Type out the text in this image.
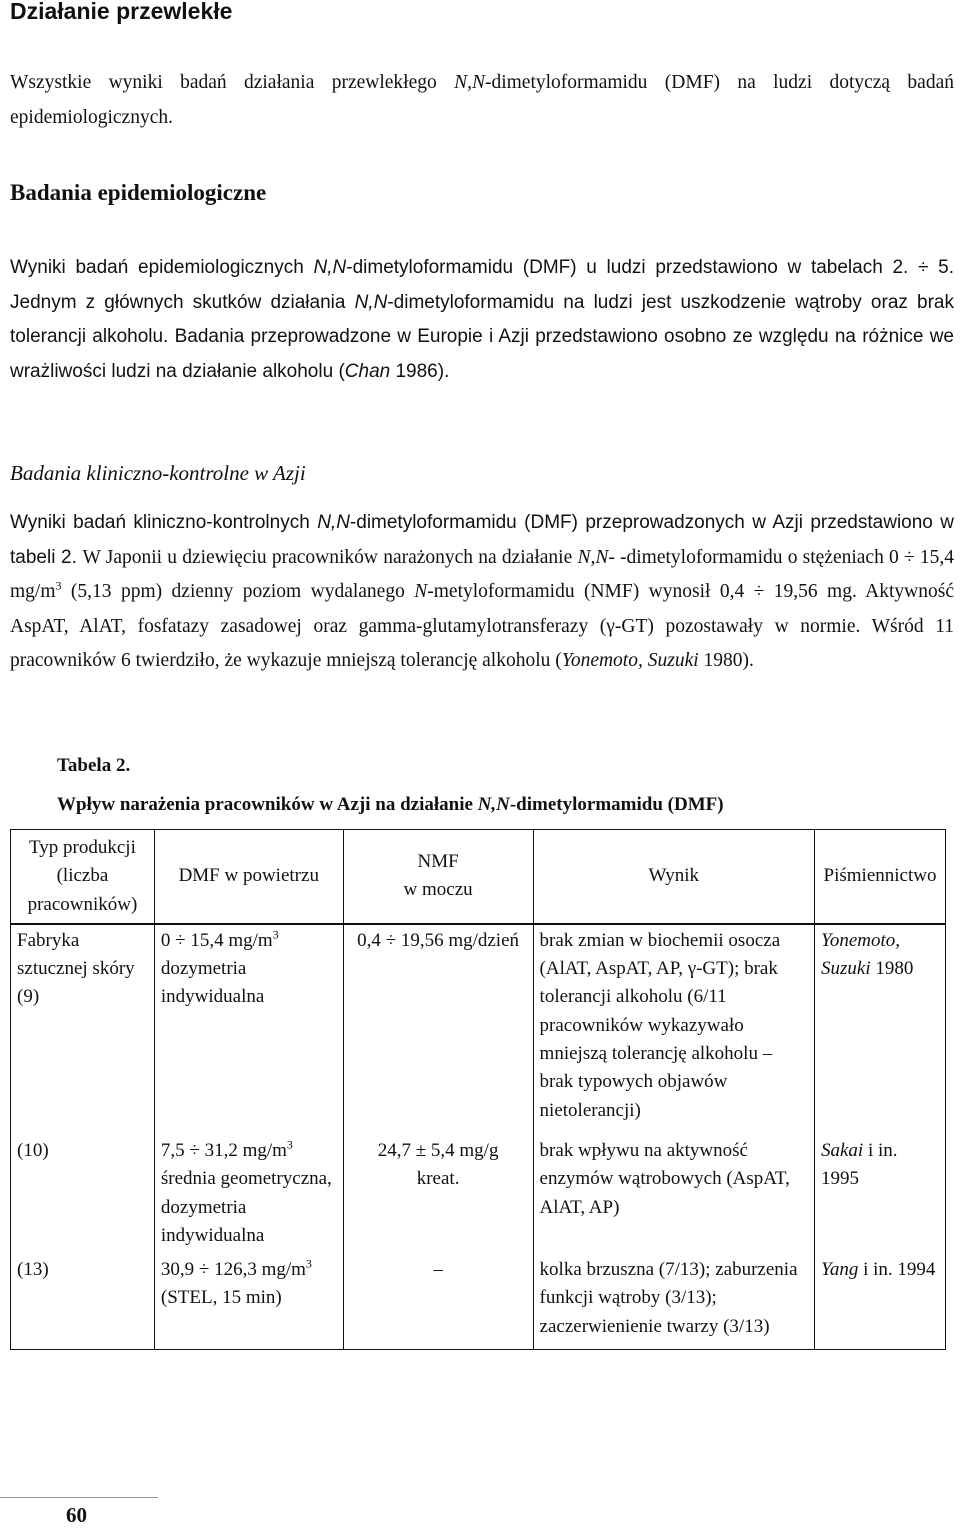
Działanie przewlekłe

Wszystkie wyniki badań działania przewlekłego N,N-dimetyloformamidu (DMF) na ludzi dotyczą badań epidemiologicznych.

Badania epidemiologiczne

Wyniki badań epidemiologicznych N,N-dimetyloformamidu (DMF) u ludzi przedstawiono w tabelach 2. ÷ 5. Jednym z głównych skutków działania N,N-dimetyloformamidu na ludzi jest uszkodzenie wątroby oraz brak tolerancji alkoholu. Badania przeprowadzone w Europie i Azji przedstawiono osobno ze względu na różnice we wrażliwości ludzi na działanie alkoholu (Chan 1986).

Badania kliniczno-kontrolne w Azji

Wyniki badań kliniczno-kontrolnych N,N-dimetyloformamidu (DMF) przeprowadzonych w Azji przedstawiono w tabeli 2. W Japonii u dziewięciu pracowników narażonych na działanie N,N- -dimetyloformamidu o stężeniach 0 ÷ 15,4 $mg/m^3$ (5,13 ppm) dzienny poziom wydalanego N-metyloformamidu (NMF) wynosił 0,4 ÷ 19,56 mg. Aktywność AspAT, AlAT, fosfatazy zasadowej oraz gamma-glutamylotransferazy (γ-GT) pozostawały w normie. Wśród 11 pracowników 6 twierdziło, że wykazuje mniejszą tolerancję alkoholu (Yonemoto, Suzuki 1980).

Tabela 2.

Wpływ narażenia pracowników w Azji na działanie N,N-dimetylormamidu (DMF)

Typ produkcji (liczba pracowników)	DMF w powietrzu	NMF
w moczu	Wynik	Piśmiennictwo
Fabryka sztucznej skóry (9)	0 ÷ 15,4 $mg/m^3$ dozymetria indywidualna	0,4 ÷ 19,56 mg/dzień	brak zmian w biochemii osocza (AlAT, AspAT, AP, γ-GT); brak tolerancji alkoholu (6/11 pracowników wykazywało mniejszą tolerancję alkoholu – brak typowych objawów nietolerancji)	Yonemoto, Suzuki 1980
(10)	7,5 ÷ 31,2 $mg/m^3$ średnia geometryczna, dozymetria indywidualna	24,7 ± 5,4 mg/g kreat.	brak wpływu na aktywność enzymów wątrobowych (AspAT, AlAT, AP)	Sakai i in. 1995
(13)	30,9 ÷ 126,3 $mg/m^3$ (STEL, 15 min)	–	kolka brzuszna (7/13); zaburzenia funkcji wątroby (3/13); zaczerwienienie twarzy (3/13)	Yang i in. 1994
60
